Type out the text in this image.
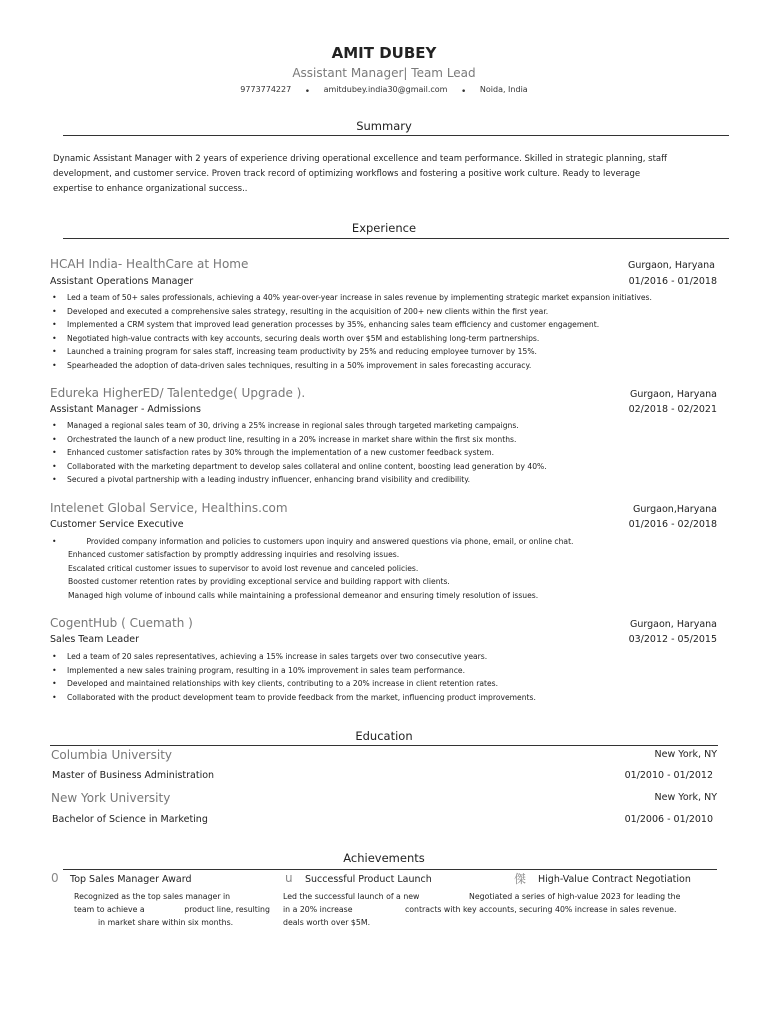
AMIT DUBEY
Assistant Manager| Team Lead
9773774227 • amitdubey.india30@gmail.com • Noida, India
Summary
Dynamic Assistant Manager with 2 years of experience driving operational excellence and team performance. Skilled in strategic planning, staff
development, and customer service. Proven track record of optimizing workflows and fostering a positive work culture. Ready to leverage
expertise to enhance organizational success..
Experience
HCAH India- HealthCare at Home	Gurgaon, Haryana
Assistant Operations Manager	01/2016 - 01/2018
• Led a team of 50+ sales professionals, achieving a 40% year-over-year increase in sales revenue by implementing strategic market expansion initiatives.
• Developed and executed a comprehensive sales strategy, resulting in the acquisition of 200+ new clients within the first year.
• Implemented a CRM system that improved lead generation processes by 35%, enhancing sales team efficiency and customer engagement.
• Negotiated high-value contracts with key accounts, securing deals worth over $5M and establishing long-term partnerships.
• Launched a training program for sales staff, increasing team productivity by 25% and reducing employee turnover by 15%.
• Spearheaded the adoption of data-driven sales techniques, resulting in a 50% improvement in sales forecasting accuracy.
Edureka HigherED/ Talentedge( Upgrade ).	Gurgaon, Haryana
Assistant Manager - Admissions	02/2018 - 02/2021
• Managed a regional sales team of 30, driving a 25% increase in regional sales through targeted marketing campaigns.
• Orchestrated the launch of a new product line, resulting in a 20% increase in market share within the first six months.
• Enhanced customer satisfaction rates by 30% through the implementation of a new customer feedback system.
• Collaborated with the marketing department to develop sales collateral and online content, boosting lead generation by 40%.
• Secured a pivotal partnership with a leading industry influencer, enhancing brand visibility and credibility.
Intelenet Global Service, Healthins.com	Gurgaon,Haryana
Customer Service Executive	01/2016 - 02/2018
•	Provided company information and policies to customers upon inquiry and answered questions via phone, email, or online chat.
Enhanced customer satisfaction by promptly addressing inquiries and resolving issues.
Escalated critical customer issues to supervisor to avoid lost revenue and canceled policies.
Boosted customer retention rates by providing exceptional service and building rapport with clients.
Managed high volume of inbound calls while maintaining a professional demeanor and ensuring timely resolution of issues.
CogentHub ( Cuemath )	Gurgaon, Haryana
Sales Team Leader	03/2012 - 05/2015
• Led a team of 20 sales representatives, achieving a 15% increase in sales targets over two consecutive years.
• Implemented a new sales training program, resulting in a 10% improvement in sales team performance.
• Developed and maintained relationships with key clients, contributing to a 20% increase in client retention rates.
• Collaborated with the product development team to provide feedback from the market, influencing product improvements.
Education
Columbia University	New York, NY
Master of Business Administration	01/2010 - 01/2012
New York University	New York, NY
Bachelor of Science in Marketing	01/2006 - 01/2010
Achievements
0 Top Sales Manager Award
Recognized as the top sales manager in
team to achieve a                product line, resulting
in market share within six months.
u Successful Product Launch
Led the successful launch of a new
in a 20% increase
deals worth over $5M.
傑 High-Value Contract Negotiation
Negotiated a series of high-value 2023 for leading the
contracts with key accounts, securing 40% increase in sales revenue.
